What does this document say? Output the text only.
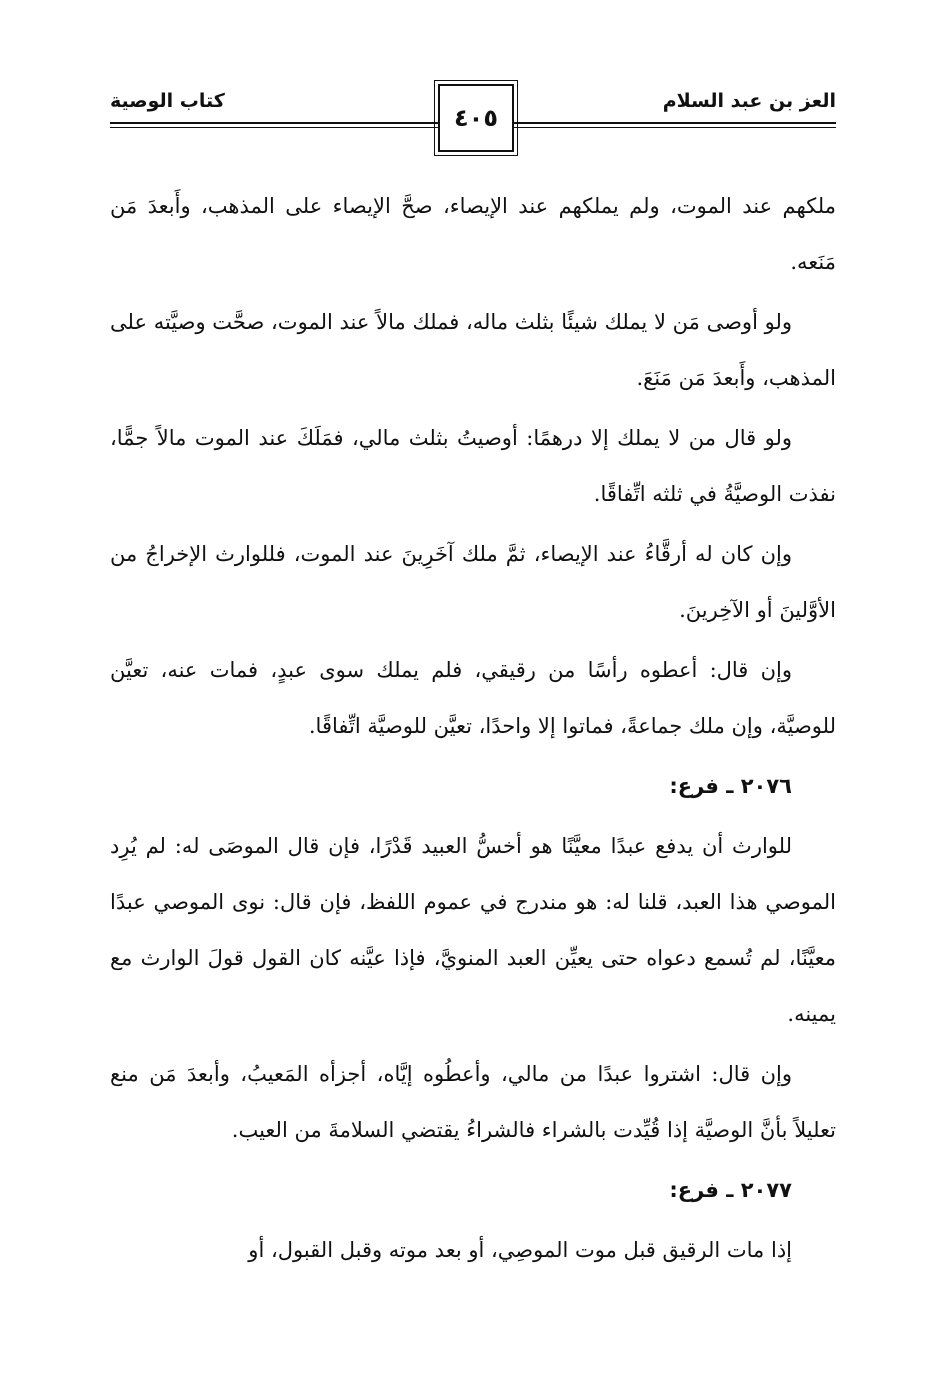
العز بن عبد السلام
كتاب الوصية
٤٠٥

ملكهم عند الموت، ولم يملكهم عند الإيصاء، صحَّ الإيصاء على المذهب، وأَبعدَ مَن مَنَعه.

ولو أوصى مَن لا يملك شيئًا بثلث ماله، فملك مالاً عند الموت، صحَّت وصيَّته على المذهب، وأَبعدَ مَن مَنَعَ.

ولو قال من لا يملك إلا درهمًا: أوصيتُ بثلث مالي، فمَلَكَ عند الموت مالاً جمًّا، نفذت الوصيَّةُ في ثلثه اتِّفاقًا.

وإن كان له أرقَّاءُ عند الإيصاء، ثمَّ ملك آخَرِينَ عند الموت، فللوارث الإخراجُ من الأوَّلينَ أو الآخِرينَ.

وإن قال: أعطوه رأسًا من رقيقي، فلم يملك سوى عبدٍ، فمات عنه، تعيَّن للوصيَّة، وإن ملك جماعةً، فماتوا إلا واحدًا، تعيَّن للوصيَّة اتِّفاقًا.

٢٠٧٦ ـ فرع:

للوارث أن يدفع عبدًا معيَّنًا هو أخسُّ العبيد قَدْرًا، فإن قال الموصَى له: لم يُرِد الموصي هذا العبد، قلنا له: هو مندرج في عموم اللفظ، فإن قال: نوى الموصي عبدًا معيَّنًا، لم تُسمع دعواه حتى يعيِّن العبد المنويَّ، فإذا عيَّنه كان القول قولَ الوارث مع يمينه.

وإن قال: اشتروا عبدًا من مالي، وأعطُوه إيَّاه، أجزأه المَعيبُ، وأبعدَ مَن منع تعليلاً بأنَّ الوصيَّة إذا قُيِّدت بالشراء فالشراءُ يقتضي السلامةَ من العيب.

٢٠٧٧ ـ فرع:

إذا مات الرقيق قبل موت الموصِي، أو بعد موته وقبل القبول، أو
